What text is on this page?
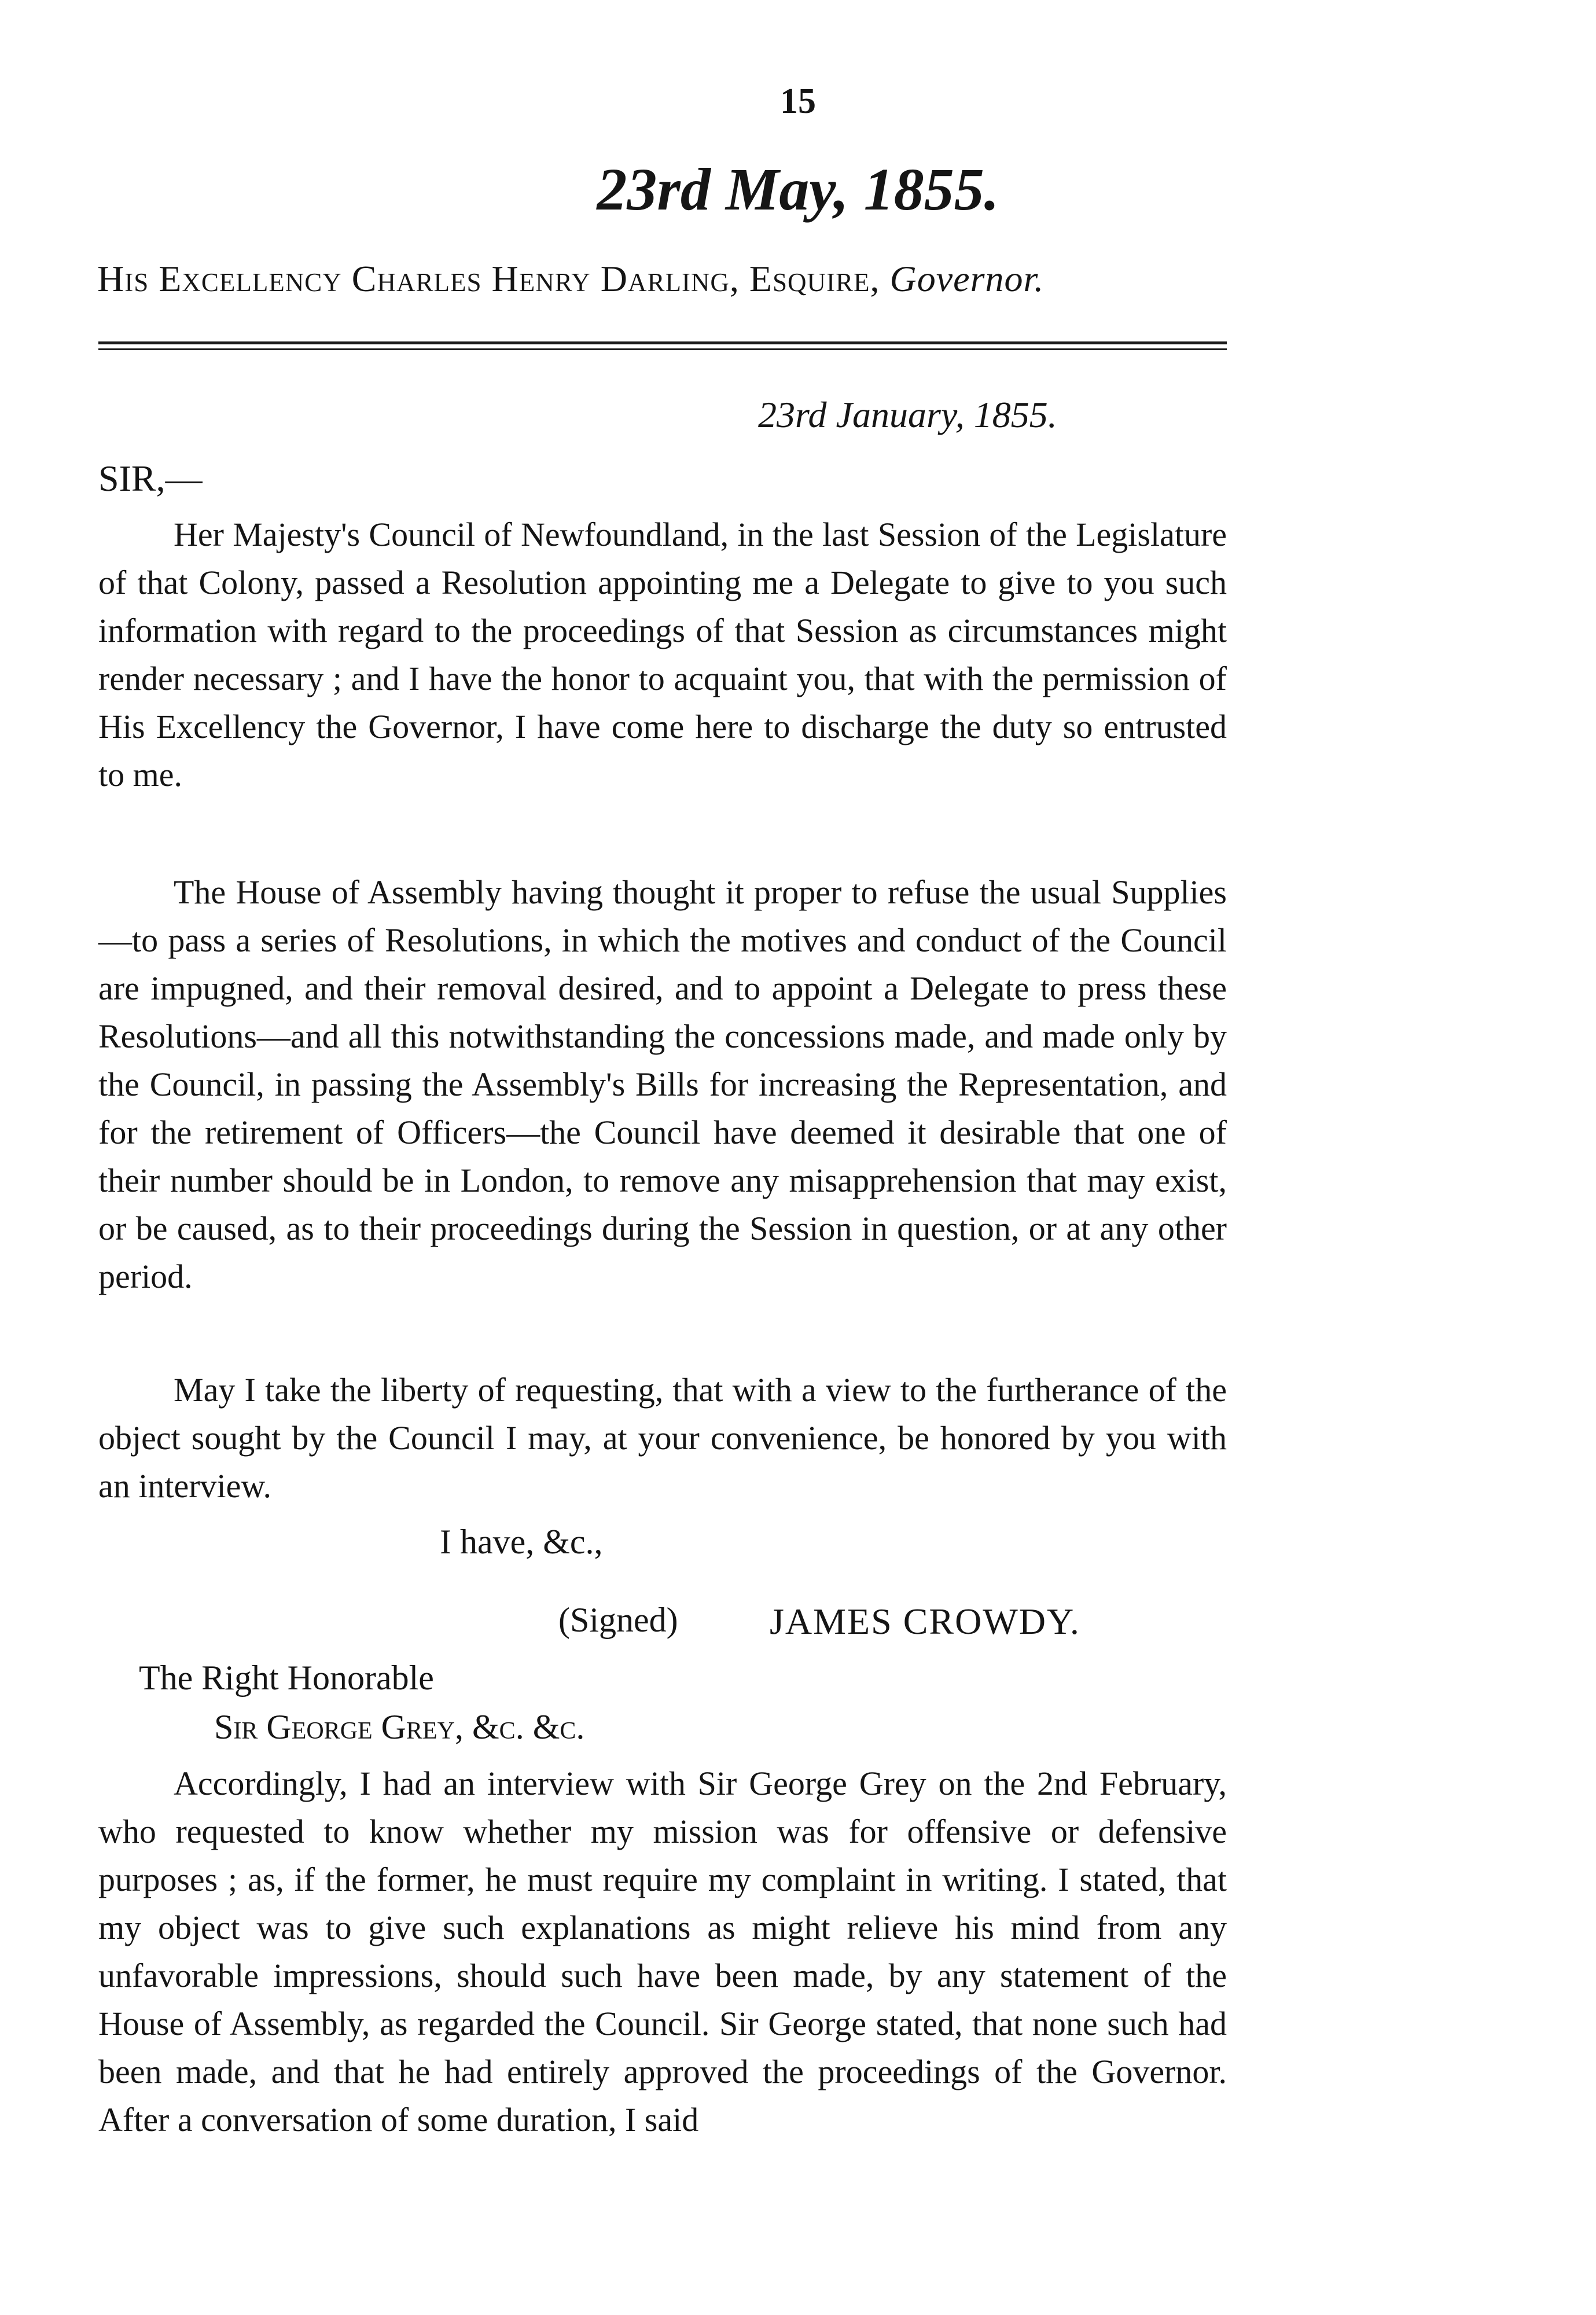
15
23rd May, 1855.
His Excellency Charles Henry Darling, Esquire, Governor.
23rd January, 1855.
SIR,—

Her Majesty's Council of Newfoundland, in the last Session of the Legislature of that Colony, passed a Resolution appointing me a Delegate to give to you such information with regard to the proceedings of that Session as circumstances might render necessary ; and I have the honor to acquaint you, that with the permission of His Excellency the Governor, I have come here to discharge the duty so entrusted to me.

The House of Assembly having thought it proper to refuse the usual Supplies—to pass a series of Resolutions, in which the motives and conduct of the Council are impugned, and their removal desired, and to appoint a Delegate to press these Resolutions—and all this notwithstanding the concessions made, and made only by the Council, in passing the Assembly's Bills for increasing the Representation, and for the retirement of Officers—the Council have deemed it desirable that one of their number should be in London, to remove any misapprehension that may exist, or be caused, as to their proceedings during the Session in question, or at any other period.

May I take the liberty of requesting, that with a view to the furtherance of the object sought by the Council I may, at your convenience, be honored by you with an interview.

I have, &c.,
(Signed) JAMES CROWDY.
The Right Honorable
Sir George Grey, &c. &c.

Accordingly, I had an interview with Sir George Grey on the 2nd February, who requested to know whether my mission was for offensive or defensive purposes ; as, if the former, he must require my complaint in writing. I stated, that my object was to give such explanations as might relieve his mind from any unfavorable impressions, should such have been made, by any statement of the House of Assembly, as regarded the Council. Sir George stated, that none such had been made, and that he had entirely approved the proceedings of the Governor. After a conversation of some duration, I said
